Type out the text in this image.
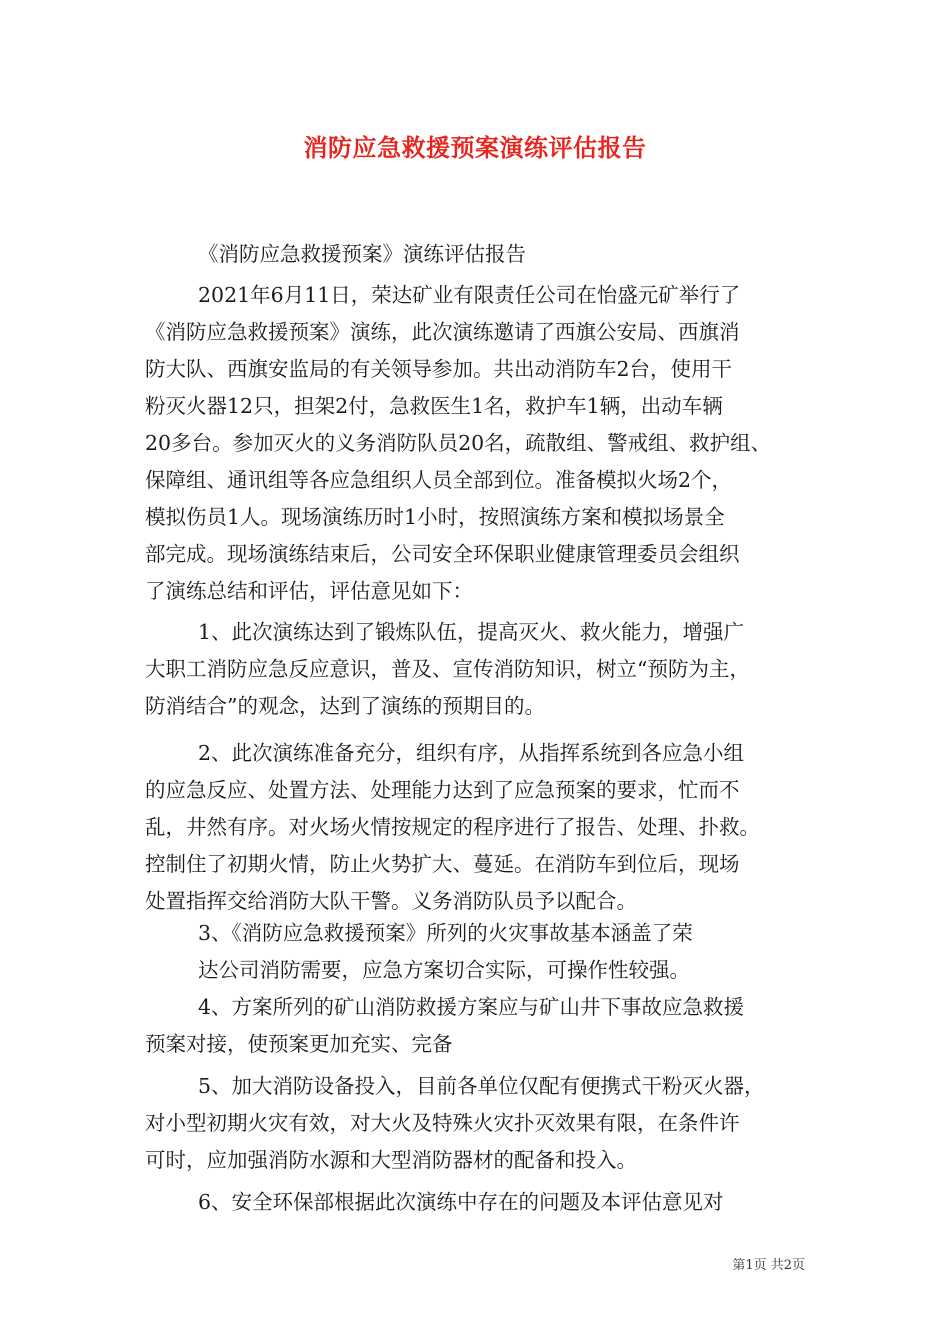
消防应急救援预案演练评估报告
《消防应急救援预案》演练评估报告
2021年6月11日，荣达矿业有限责任公司在怡盛元矿举行了
《消防应急救援预案》演练，此次演练邀请了西旗公安局、西旗消
防大队、西旗安监局的有关领导参加。共出动消防车2台，使用干
粉灭火器12只，担架2付，急救医生1名，救护车1辆，出动车辆
20多台。参加灭火的义务消防队员20名，疏散组、警戒组、救护组、
保障组、通讯组等各应急组织人员全部到位。准备模拟火场2个，
模拟伤员1人。现场演练历时1小时，按照演练方案和模拟场景全
部完成。现场演练结束后，公司安全环保职业健康管理委员会组织
了演练总结和评估，评估意见如下：
1、此次演练达到了锻炼队伍，提高灭火、救火能力，增强广
大职工消防应急反应意识，普及、宣传消防知识，树立“预防为主，
防消结合”的观念，达到了演练的预期目的。
2、此次演练准备充分，组织有序，从指挥系统到各应急小组
的应急反应、处置方法、处理能力达到了应急预案的要求，忙而不
乱，井然有序。对火场火情按规定的程序进行了报告、处理、扑救。
控制住了初期火情，防止火势扩大、蔓延。在消防车到位后，现场
处置指挥交给消防大队干警。义务消防队员予以配合。
3、《消防应急救援预案》所列的火灾事故基本涵盖了荣
达公司消防需要，应急方案切合实际，可操作性较强。
4、方案所列的矿山消防救援方案应与矿山井下事故应急救援
预案对接，使预案更加充实、完备
5、加大消防设备投入，目前各单位仅配有便携式干粉灭火器，
对小型初期火灾有效，对大火及特殊火灾扑灭效果有限，在条件许
可时，应加强消防水源和大型消防器材的配备和投入。
6、安全环保部根据此次演练中存在的问题及本评估意见对
第1页 共2页
